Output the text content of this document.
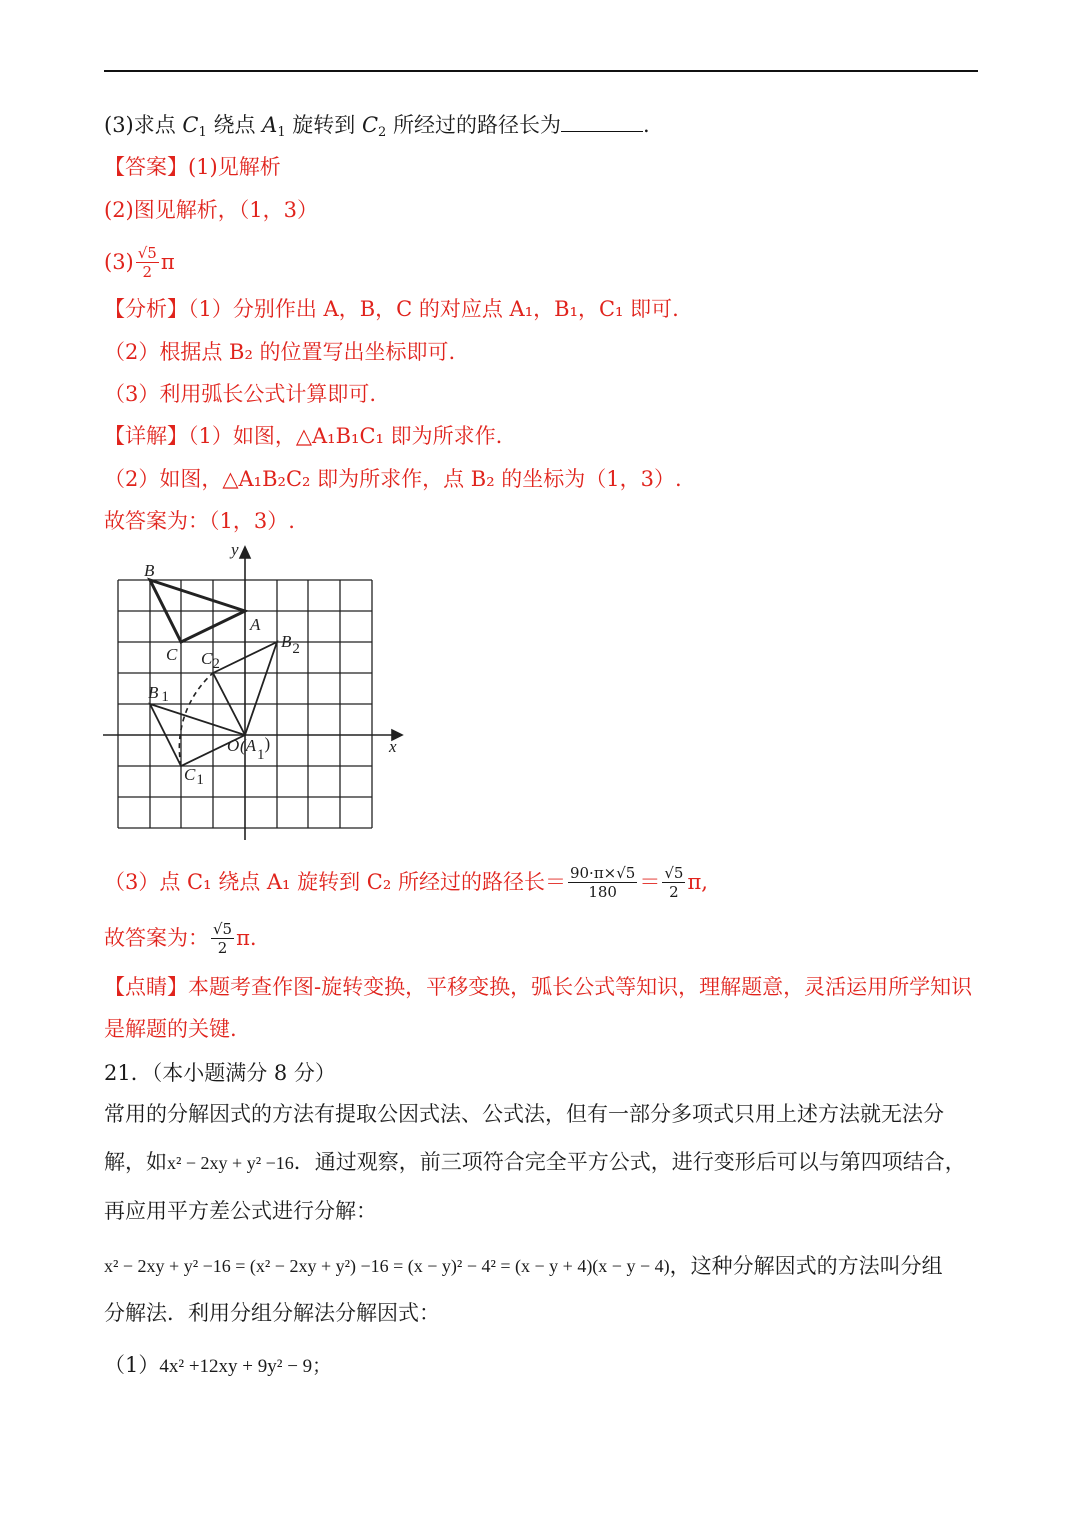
(3)求点 $C_1$ 绕点 $A_1$ 旋转到 $C_2$ 所经过的路径长为	.
【答案】(1)见解析
(2)图见解析，（1，3）
$(3) \frac{√5}{2}$ π
【分析】（1）分别作出 A，B，C 的对应点 A₁，B₁，C₁ 即可.
（2）根据点 B₂ 的位置写出坐标即可.
（3）利用弧长公式计算即可.
【详解】（1）如图，△A₁B₁C₁ 即为所求作.
（2）如图，△A₁B₂C₂ 即为所求作，点 B₂ 的坐标为（1，3）.
故答案为：（1，3）.
y
x
B
A
C
B2
C2
B 1
O (A1)
C1
（3）点 C₁ 绕点 A₁ 旋转到 C₂ 所经过的路径长＝ $\frac{90\cdot\pi\times√5}{180} = \frac{√5}{2} \pi$,
故答案为： $\frac{√5}{2} \pi$.
【点睛】本题考查作图-旋转变换，平移变换，弧长公式等知识，理解题意，灵活运用所学知识是解题的关键.
21．（本小题满分 8 分）
常用的分解因式的方法有提取公因式法、公式法，但有一部分多项式只用上述方法就无法分解，如x² − 2xy + y² −16．通过观察，前三项符合完全平方公式，进行变形后可以与第四项结合，再应用平方差公式进行分解：
x² − 2xy + y² −16 = (x² − 2xy + y²) −16 = (x − y)² − 4² = (x − y + 4)(x − y − 4) ，这种分解因式的方法叫分组
分解法．利用分组分解法分解因式：
（1）4x² +12xy + 9y² − 9；
